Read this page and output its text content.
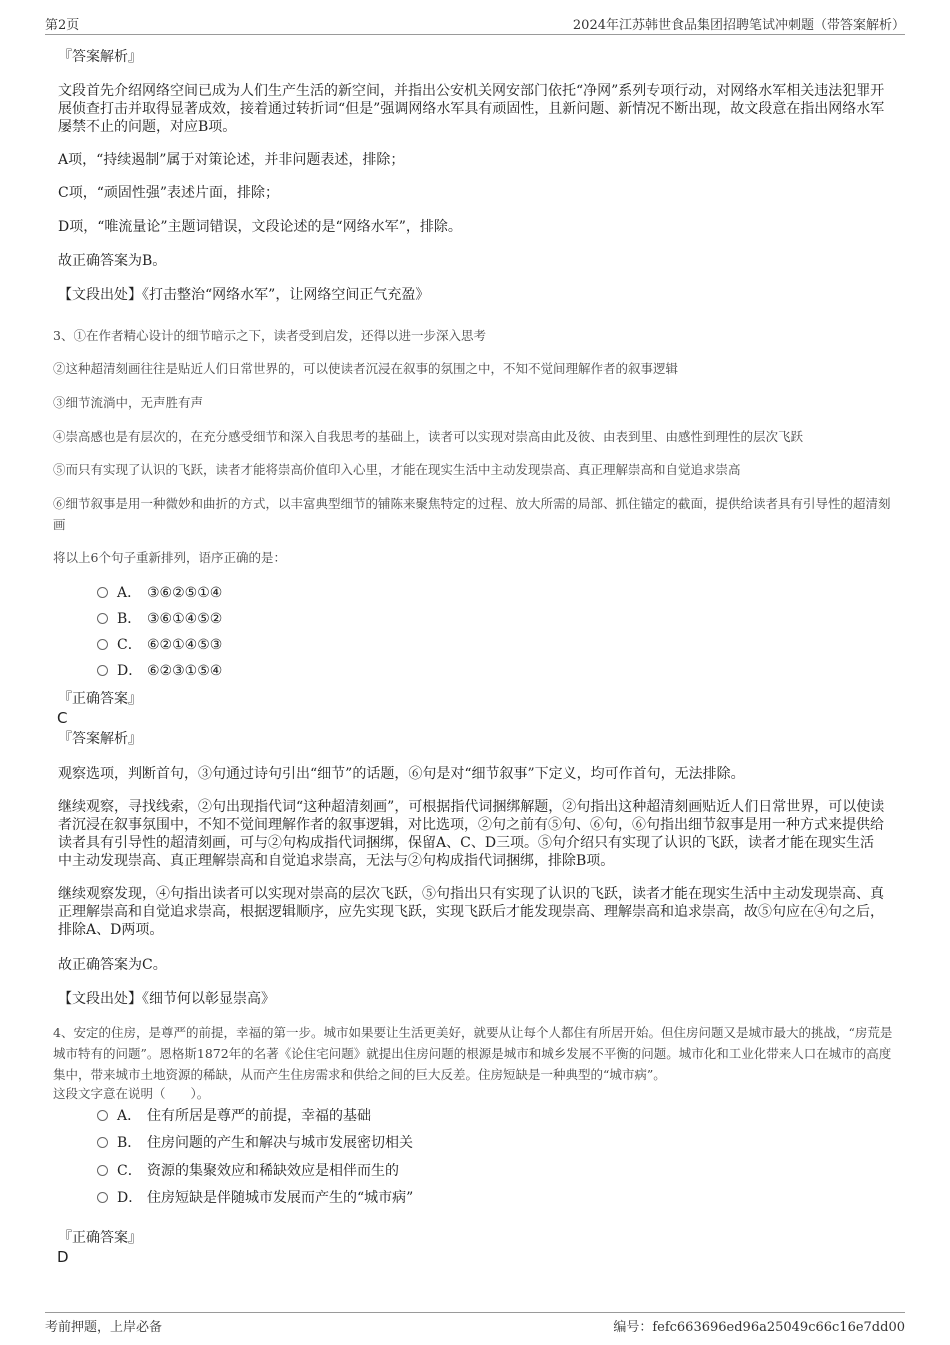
第2页	2024年江苏韩世食品集团招聘笔试冲刺题（带答案解析）
『答案解析』
文段首先介绍网络空间已成为人们生产生活的新空间，并指出公安机关网安部门依托“净网”系列专项行动，对网络水军相关违法犯罪开展侦查打击并取得显著成效，接着通过转折词“但是”强调网络水军具有顽固性，且新问题、新情况不断出现，故文段意在指出网络水军屡禁不止的问题，对应B项。
A项，“持续遏制”属于对策论述，并非问题表述，排除；
C项，“顽固性强”表述片面，排除；
D项，“唯流量论”主题词错误，文段论述的是“网络水军”，排除。
故正确答案为B。
【文段出处】《打击整治“网络水军”，让网络空间正气充盈》
3、①在作者精心设计的细节暗示之下，读者受到启发，还得以进一步深入思考
②这种超清刻画往往是贴近人们日常世界的，可以使读者沉浸在叙事的氛围之中，不知不觉间理解作者的叙事逻辑
③细节流淌中，无声胜有声
④崇高感也是有层次的，在充分感受细节和深入自我思考的基础上，读者可以实现对崇高由此及彼、由表到里、由感性到理性的层次飞跃
⑤而只有实现了认识的飞跃，读者才能将崇高价值印入心里，才能在现实生活中主动发现崇高、真正理解崇高和自觉追求崇高
⑥细节叙事是用一种微妙和曲折的方式，以丰富典型细节的铺陈来聚焦特定的过程、放大所需的局部、抓住锚定的截面，提供给读者具有引导性的超清刻画
将以上6个句子重新排列，语序正确的是：
A． ③⑥②⑤①④
B． ③⑥①④⑤②
C． ⑥②①④⑤③
D． ⑥②③①⑤④
『正确答案』
C
『答案解析』
观察选项，判断首句，③句通过诗句引出“细节”的话题，⑥句是对“细节叙事”下定义，均可作首句，无法排除。
继续观察，寻找线索，②句出现指代词“这种超清刻画”，可根据指代词捆绑解题，②句指出这种超清刻画贴近人们日常世界，可以使读者沉浸在叙事氛围中，不知不觉间理解作者的叙事逻辑，对比选项，②句之前有⑤句、⑥句，⑥句指出细节叙事是用一种方式来提供给读者具有引导性的超清刻画，可与②句构成指代词捆绑，保留A、C、D三项。⑤句介绍只有实现了认识的飞跃，读者才能在现实生活中主动发现崇高、真正理解崇高和自觉追求崇高，无法与②句构成指代词捆绑，排除B项。
继续观察发现，④句指出读者可以实现对崇高的层次飞跃，⑤句指出只有实现了认识的飞跃，读者才能在现实生活中主动发现崇高、真正理解崇高和自觉追求崇高，根据逻辑顺序，应先实现飞跃，实现飞跃后才能发现崇高、理解崇高和追求崇高，故⑤句应在④句之后，排除A、D两项。
故正确答案为C。
【文段出处】《细节何以彰显崇高》
4、安定的住房，是尊严的前提，幸福的第一步。城市如果要让生活更美好，就要从让每个人都住有所居开始。但住房问题又是城市最大的挑战，“房荒是城市特有的问题”。恩格斯1872年的名著《论住宅问题》就提出住房问题的根源是城市和城乡发展不平衡的问题。城市化和工业化带来人口在城市的高度集中，带来城市土地资源的稀缺，从而产生住房需求和供给之间的巨大反差。住房短缺是一种典型的“城市病”。
这段文字意在说明（　　）。
A． 住有所居是尊严的前提，幸福的基础
B． 住房问题的产生和解决与城市发展密切相关
C． 资源的集聚效应和稀缺效应是相伴而生的
D． 住房短缺是伴随城市发展而产生的“城市病”
『正确答案』
D
考前押题，上岸必备	编号：fefc663696ed96a25049c66c16e7dd00
